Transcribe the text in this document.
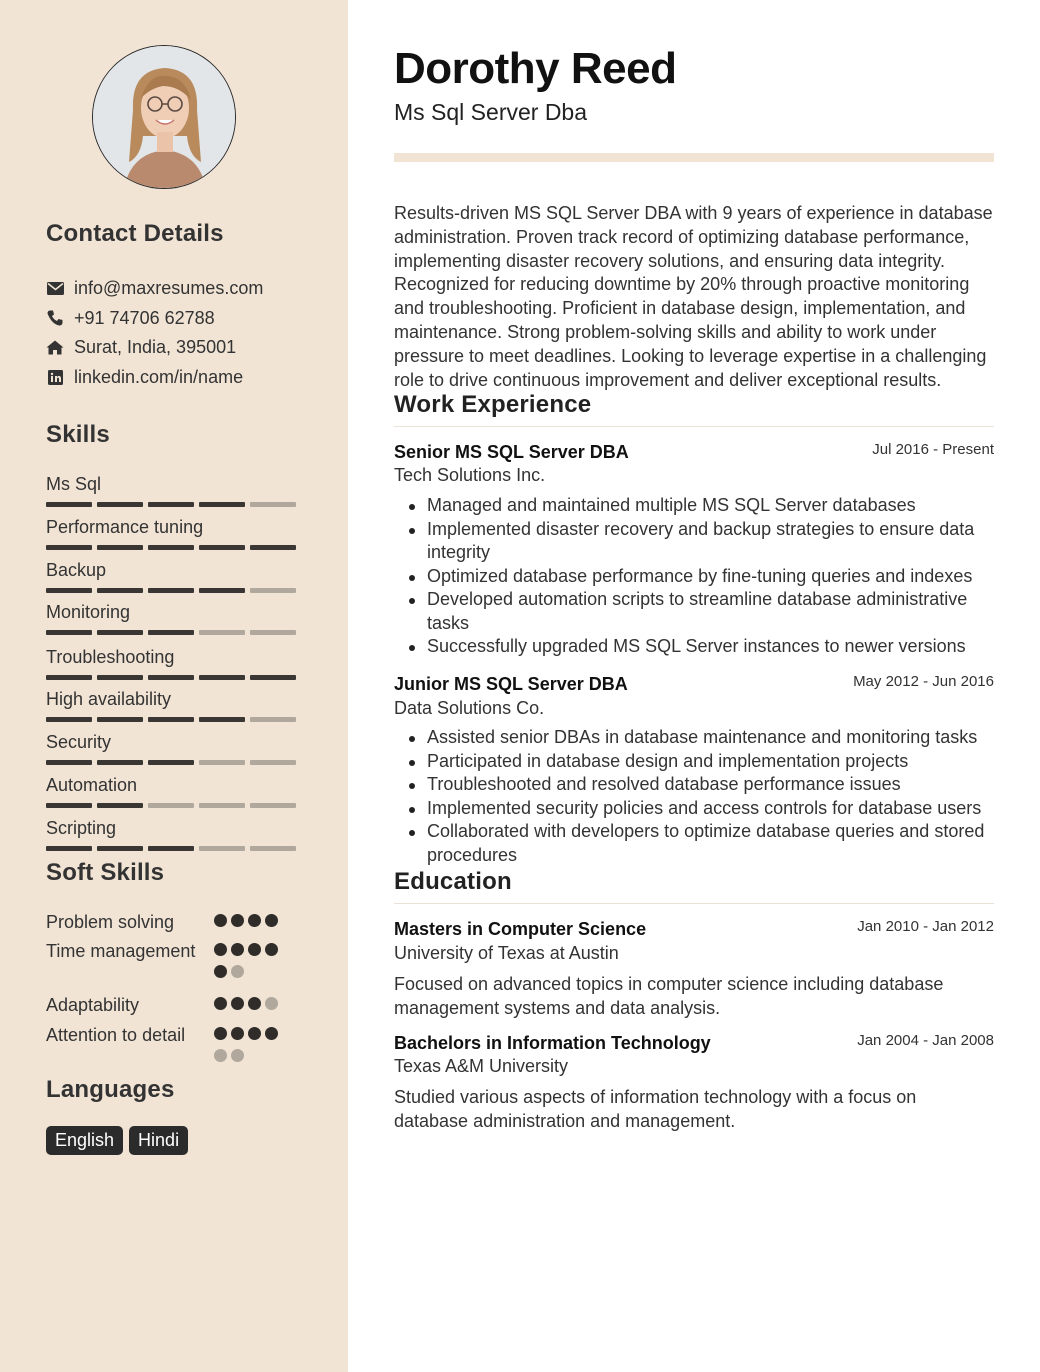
Contact Details
info@maxresumes.com
+91 74706 62788
Surat, India, 395001
linkedin.com/in/name
Skills
Ms Sql
Performance tuning
Backup
Monitoring
Troubleshooting
High availability
Security
Automation
Scripting
Soft Skills
Problem solving
Time management
Adaptability
Attention to detail
Languages
English	Hindi
Dorothy Reed
Ms Sql Server Dba

Results-driven MS SQL Server DBA with 9 years of experience in database administration. Proven track record of optimizing database performance, implementing disaster recovery solutions, and ensuring data integrity. Recognized for reducing downtime by 20% through proactive monitoring and troubleshooting. Proficient in database design, implementation, and maintenance. Strong problem-solving skills and ability to work under pressure to meet deadlines. Looking to leverage expertise in a challenging role to drive continuous improvement and deliver exceptional results.

Work Experience
Senior MS SQL Server DBA	Jul 2016 - Present
Tech Solutions Inc.
Managed and maintained multiple MS SQL Server databases
Implemented disaster recovery and backup strategies to ensure data integrity
Optimized database performance by fine-tuning queries and indexes
Developed automation scripts to streamline database administrative tasks
Successfully upgraded MS SQL Server instances to newer versions
Junior MS SQL Server DBA	May 2012 - Jun 2016
Data Solutions Co.
Assisted senior DBAs in database maintenance and monitoring tasks
Participated in database design and implementation projects
Troubleshooted and resolved database performance issues
Implemented security policies and access controls for database users
Collaborated with developers to optimize database queries and stored procedures
Education
Masters in Computer Science	Jan 2010 - Jan 2012
University of Texas at Austin

Focused on advanced topics in computer science including database management systems and data analysis.

Bachelors in Information Technology	Jan 2004 - Jan 2008
Texas A&M University

Studied various aspects of information technology with a focus on database administration and management.
